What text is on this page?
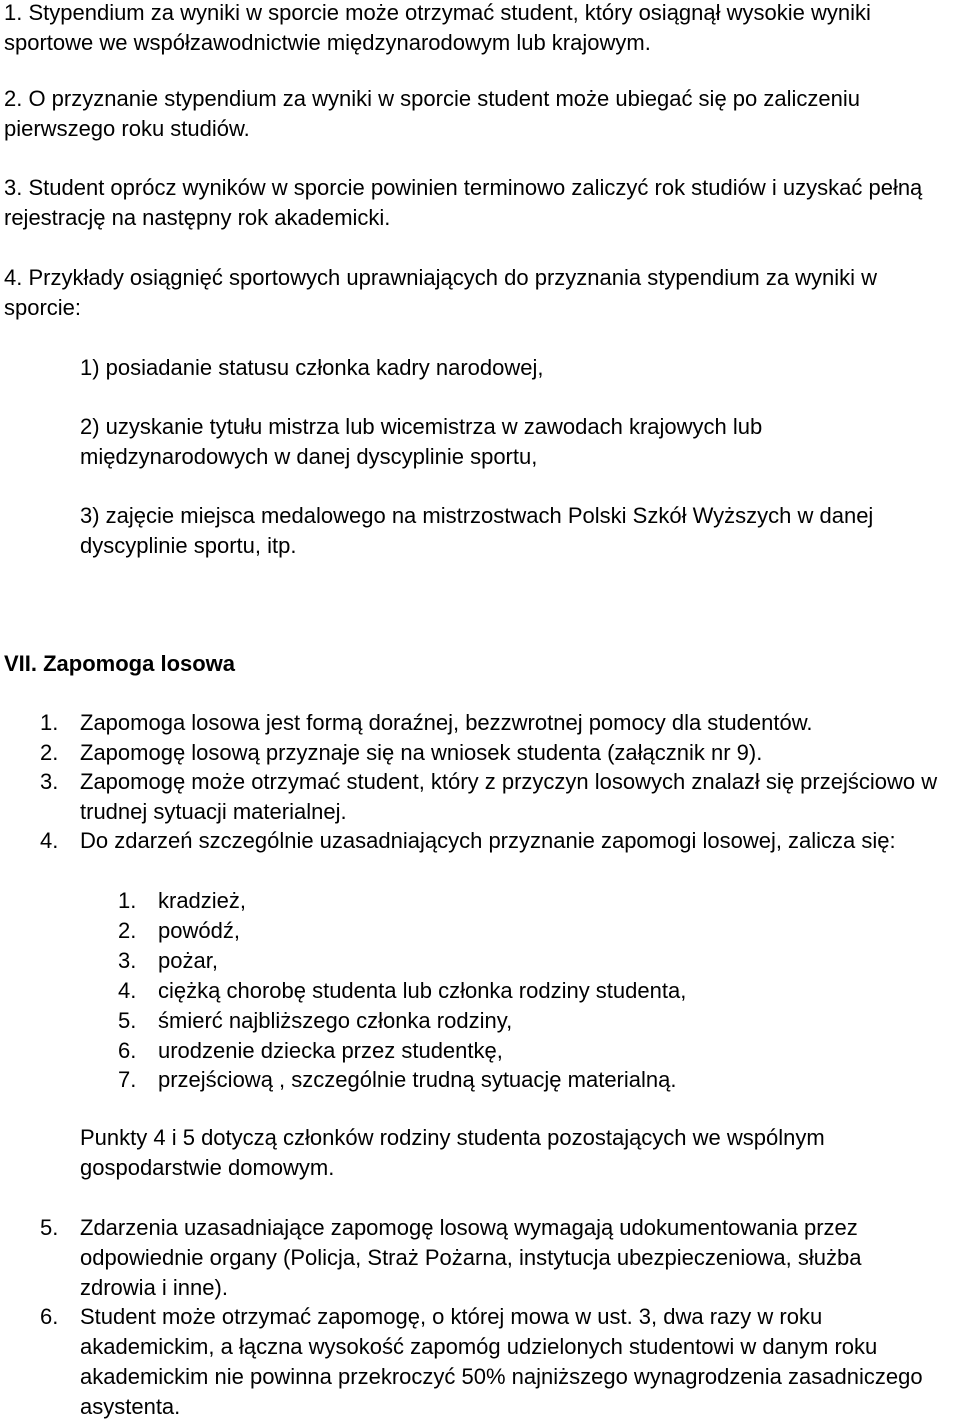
1. Stypendium za wyniki w sporcie może otrzymać student, który osiągnął wysokie wyniki sportowe we współzawodnictwie międzynarodowym lub krajowym.

2. O przyznanie stypendium za wyniki w sporcie student może ubiegać się po zaliczeniu pierwszego roku studiów.

3. Student oprócz wyników w sporcie powinien terminowo zaliczyć rok studiów i uzyskać pełną rejestrację na następny rok akademicki.

4. Przykłady osiągnięć sportowych uprawniających do przyznania stypendium za wyniki w sporcie:

1) posiadanie statusu członka kadry narodowej,

2) uzyskanie tytułu mistrza lub wicemistrza w zawodach krajowych lub międzynarodowych w danej dyscyplinie sportu,

3) zajęcie miejsca medalowego na mistrzostwach Polski Szkół Wyższych w danej dyscyplinie sportu, itp.

VII. Zapomoga losowa
1. Zapomoga losowa jest formą doraźnej, bezzwrotnej pomocy dla studentów.
2. Zapomogę losową przyznaje się na wniosek studenta (załącznik nr 9).
3. Zapomogę może otrzymać student, który z przyczyn losowych znalazł się przejściowo w trudnej sytuacji materialnej.
4. Do zdarzeń szczególnie uzasadniających przyznanie zapomogi losowej, zalicza się:
1. kradzież,
2. powódź,
3. pożar,
4. ciężką chorobę studenta lub członka rodziny studenta,
5. śmierć najbliższego członka rodziny,
6. urodzenie dziecka przez studentkę,
7. przejściową , szczególnie trudną sytuację materialną.

Punkty 4 i 5 dotyczą członków rodziny studenta pozostających we wspólnym gospodarstwie domowym.

5. Zdarzenia uzasadniające zapomogę losową wymagają udokumentowania przez odpowiednie organy (Policja, Straż Pożarna, instytucja ubezpieczeniowa, służba zdrowia i inne).
6. Student może otrzymać zapomogę, o której mowa w ust. 3, dwa razy w roku akademickim, a łączna wysokość zapomóg udzielonych studentowi w danym roku akademickim nie powinna przekroczyć 50% najniższego wynagrodzenia zasadniczego asystenta.
